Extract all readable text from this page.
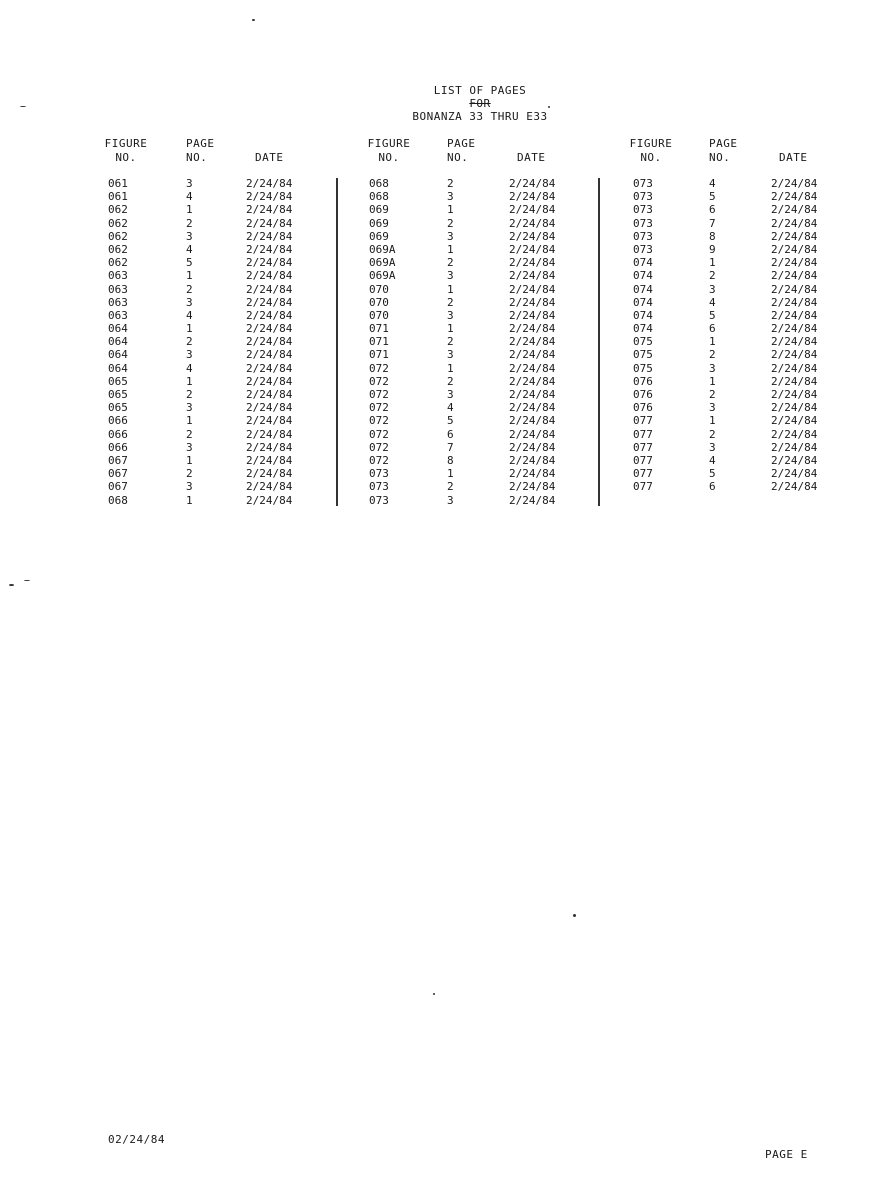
LIST OF PAGES
FOR
BONANZA 33 THRU E33
FIGURE
NO.
PAGE
NO.	DATE
061	3	2/24/84
061	4	2/24/84
062	1	2/24/84
062	2	2/24/84
062	3	2/24/84
062	4	2/24/84
062	5	2/24/84
063	1	2/24/84
063	2	2/24/84
063	3	2/24/84
063	4	2/24/84
064	1	2/24/84
064	2	2/24/84
064	3	2/24/84
064	4	2/24/84
065	1	2/24/84
065	2	2/24/84
065	3	2/24/84
066	1	2/24/84
066	2	2/24/84
066	3	2/24/84
067	1	2/24/84
067	2	2/24/84
067	3	2/24/84
068	1	2/24/84
FIGURE
NO.
PAGE
NO.	DATE
068	2	2/24/84
068	3	2/24/84
069	1	2/24/84
069	2	2/24/84
069	3	2/24/84
069A	1	2/24/84
069A	2	2/24/84
069A	3	2/24/84
070	1	2/24/84
070	2	2/24/84
070	3	2/24/84
071	1	2/24/84
071	2	2/24/84
071	3	2/24/84
072	1	2/24/84
072	2	2/24/84
072	3	2/24/84
072	4	2/24/84
072	5	2/24/84
072	6	2/24/84
072	7	2/24/84
072	8	2/24/84
073	1	2/24/84
073	2	2/24/84
073	3	2/24/84
FIGURE
NO.
PAGE
NO.	DATE
073	4	2/24/84
073	5	2/24/84
073	6	2/24/84
073	7	2/24/84
073	8	2/24/84
073	9	2/24/84
074	1	2/24/84
074	2	2/24/84
074	3	2/24/84
074	4	2/24/84
074	5	2/24/84
074	6	2/24/84
075	1	2/24/84
075	2	2/24/84
075	3	2/24/84
076	1	2/24/84
076	2	2/24/84
076	3	2/24/84
077	1	2/24/84
077	2	2/24/84
077	3	2/24/84
077	4	2/24/84
077	5	2/24/84
077	6	2/24/84
02/24/84
PAGE E
